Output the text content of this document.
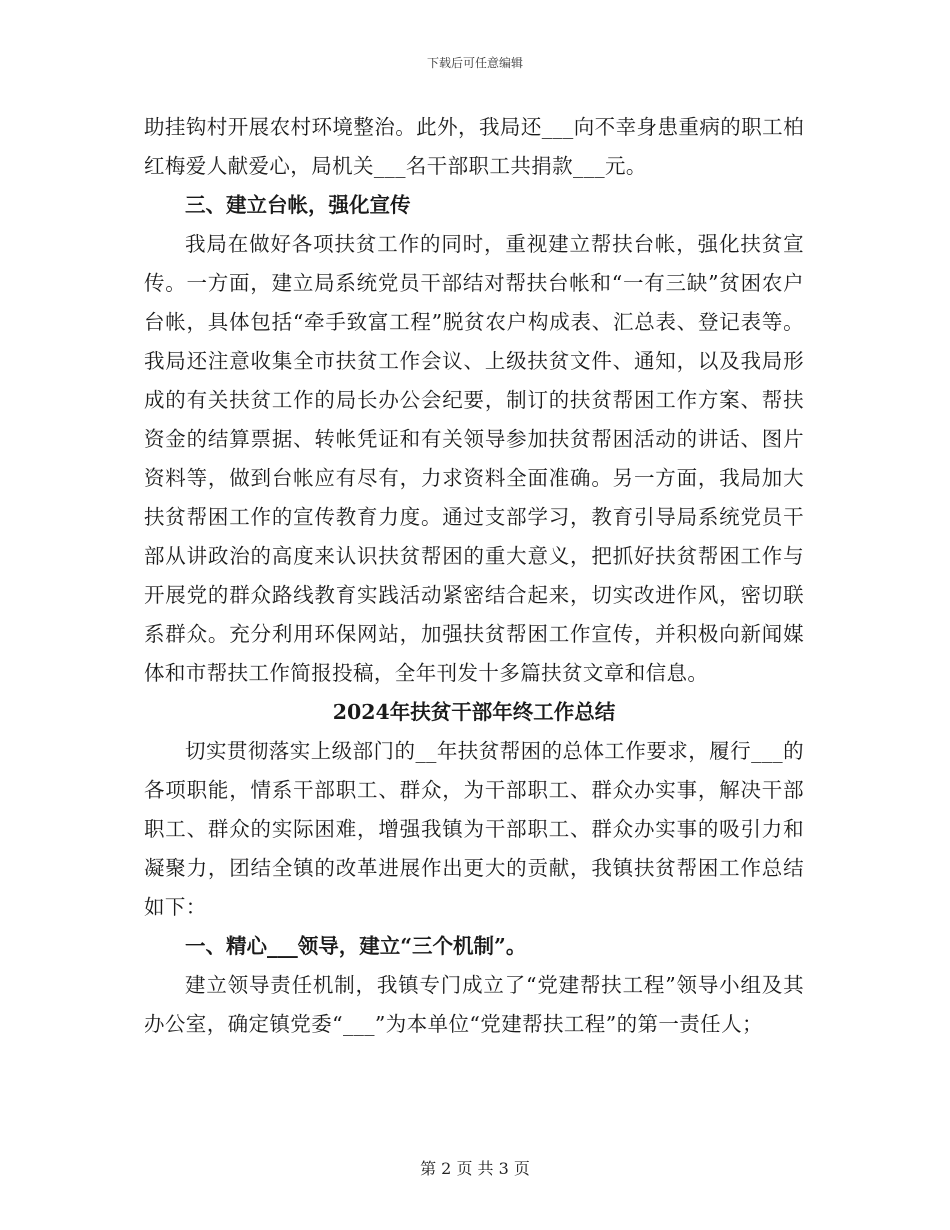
下载后可任意编辑

助挂钩村开展农村环境整治。此外，我局还___向不幸身患重病的职工柏红梅爱人献爱心，局机关___名干部职工共捐款___元。

三、建立台帐，强化宣传

我局在做好各项扶贫工作的同时，重视建立帮扶台帐，强化扶贫宣传。一方面，建立局系统党员干部结对帮扶台帐和“一有三缺”贫困农户台帐，具体包括“牵手致富工程”脱贫农户构成表、汇总表、登记表等。我局还注意收集全市扶贫工作会议、上级扶贫文件、通知，以及我局形成的有关扶贫工作的局长办公会纪要，制订的扶贫帮困工作方案、帮扶资金的结算票据、转帐凭证和有关领导参加扶贫帮困活动的讲话、图片资料等，做到台帐应有尽有，力求资料全面准确。另一方面，我局加大扶贫帮困工作的宣传教育力度。通过支部学习，教育引导局系统党员干部从讲政治的高度来认识扶贫帮困的重大意义，把抓好扶贫帮困工作与开展党的群众路线教育实践活动紧密结合起来，切实改进作风，密切联系群众。充分利用环保网站，加强扶贫帮困工作宣传，并积极向新闻媒体和市帮扶工作简报投稿，全年刊发十多篇扶贫文章和信息。

2024年扶贫干部年终工作总结

切实贯彻落实上级部门的__年扶贫帮困的总体工作要求，履行___的各项职能，情系干部职工、群众，为干部职工、群众办实事，解决干部职工、群众的实际困难，增强我镇为干部职工、群众办实事的吸引力和凝聚力，团结全镇的改革进展作出更大的贡献，我镇扶贫帮困工作总结如下：

一、精心___领导，建立“三个机制”。

建立领导责任机制，我镇专门成立了“党建帮扶工程”领导小组及其办公室，确定镇党委“___”为本单位“党建帮扶工程”的第一责任人；

第 2 页 共 3 页
